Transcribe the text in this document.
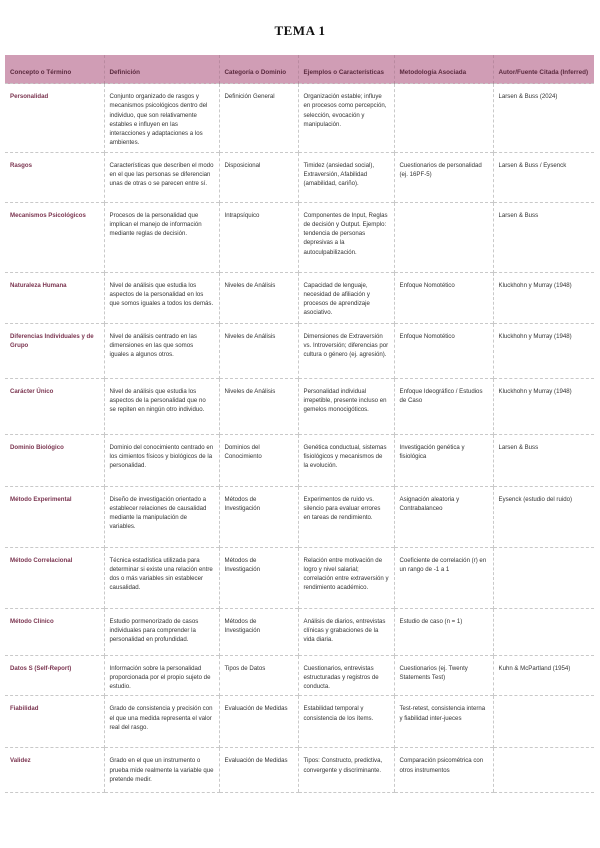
TEMA 1
Concepto o Término	Definición	Categoría o Dominio	Ejemplos o Características	Metodología Asociada	Autor/Fuente Citada (Inferred)
Personalidad	Conjunto organizado de rasgos y mecanismos psicológicos dentro del individuo, que son relativamente estables e influyen en las interacciones y adaptaciones a los ambientes.	Definición General	Organización estable; influye en procesos como percepción, selección, evocación y manipulación.		Larsen & Buss (2024)
Rasgos	Características que describen el modo en el que las personas se diferencian unas de otras o se parecen entre sí.	Disposicional	Timidez (ansiedad social), Extraversión, Afabilidad (amabilidad, cariño).	Cuestionarios de personalidad (ej. 16PF-5)	Larsen & Buss / Eysenck
Mecanismos Psicológicos	Procesos de la personalidad que implican el manejo de información mediante reglas de decisión.	Intrapsíquico	Componentes de Input, Reglas de decisión y Output. Ejemplo: tendencia de personas depresivas a la autoculpabilización.		Larsen & Buss
Naturaleza Humana	Nivel de análisis que estudia los aspectos de la personalidad en los que somos iguales a todos los demás.	Niveles de Análisis	Capacidad de lenguaje, necesidad de afiliación y procesos de aprendizaje asociativo.	Enfoque Nomotético	Kluckhohn y Murray (1948)
Diferencias Individuales y de Grupo	Nivel de análisis centrado en las dimensiones en las que somos iguales a algunos otros.	Niveles de Análisis	Dimensiones de Extraversión vs. Introversión; diferencias por cultura o género (ej. agresión).	Enfoque Nomotético	Kluckhohn y Murray (1948)
Carácter Único	Nivel de análisis que estudia los aspectos de la personalidad que no se repiten en ningún otro individuo.	Niveles de Análisis	Personalidad individual irrepetible, presente incluso en gemelos monocigóticos.	Enfoque Ideográfico / Estudios de Caso	Kluckhohn y Murray (1948)
Dominio Biológico	Dominio del conocimiento centrado en los cimientos físicos y biológicos de la personalidad.	Dominios del Conocimiento	Genética conductual, sistemas fisiológicos y mecanismos de la evolución.	Investigación genética y fisiológica	Larsen & Buss
Método Experimental	Diseño de investigación orientado a establecer relaciones de causalidad mediante la manipulación de variables.	Métodos de Investigación	Experimentos de ruido vs. silencio para evaluar errores en tareas de rendimiento.	Asignación aleatoria y Contrabalanceo	Eysenck (estudio del ruido)
Método Correlacional	Técnica estadística utilizada para determinar si existe una relación entre dos o más variables sin establecer causalidad.	Métodos de Investigación	Relación entre motivación de logro y nivel salarial; correlación entre extraversión y rendimiento académico.	Coeficiente de correlación (r) en un rango de -1 a 1	
Método Clínico	Estudio pormenorizado de casos individuales para comprender la personalidad en profundidad.	Métodos de Investigación	Análisis de diarios, entrevistas clínicas y grabaciones de la vida diaria.	Estudio de caso (n = 1)	
Datos S (Self-Report)	Información sobre la personalidad proporcionada por el propio sujeto de estudio.	Tipos de Datos	Cuestionarios, entrevistas estructuradas y registros de conducta.	Cuestionarios (ej. Twenty Statements Test)	Kuhn & McPartland (1954)
Fiabilidad	Grado de consistencia y precisión con el que una medida representa el valor real del rasgo.	Evaluación de Medidas	Estabilidad temporal y consistencia de los ítems.	Test-retest, consistencia interna y fiabilidad inter-jueces	
Validez	Grado en el que un instrumento o prueba mide realmente la variable que pretende medir.	Evaluación de Medidas	Tipos: Constructo, predictiva, convergente y discriminante.	Comparación psicométrica con otros instrumentos	
